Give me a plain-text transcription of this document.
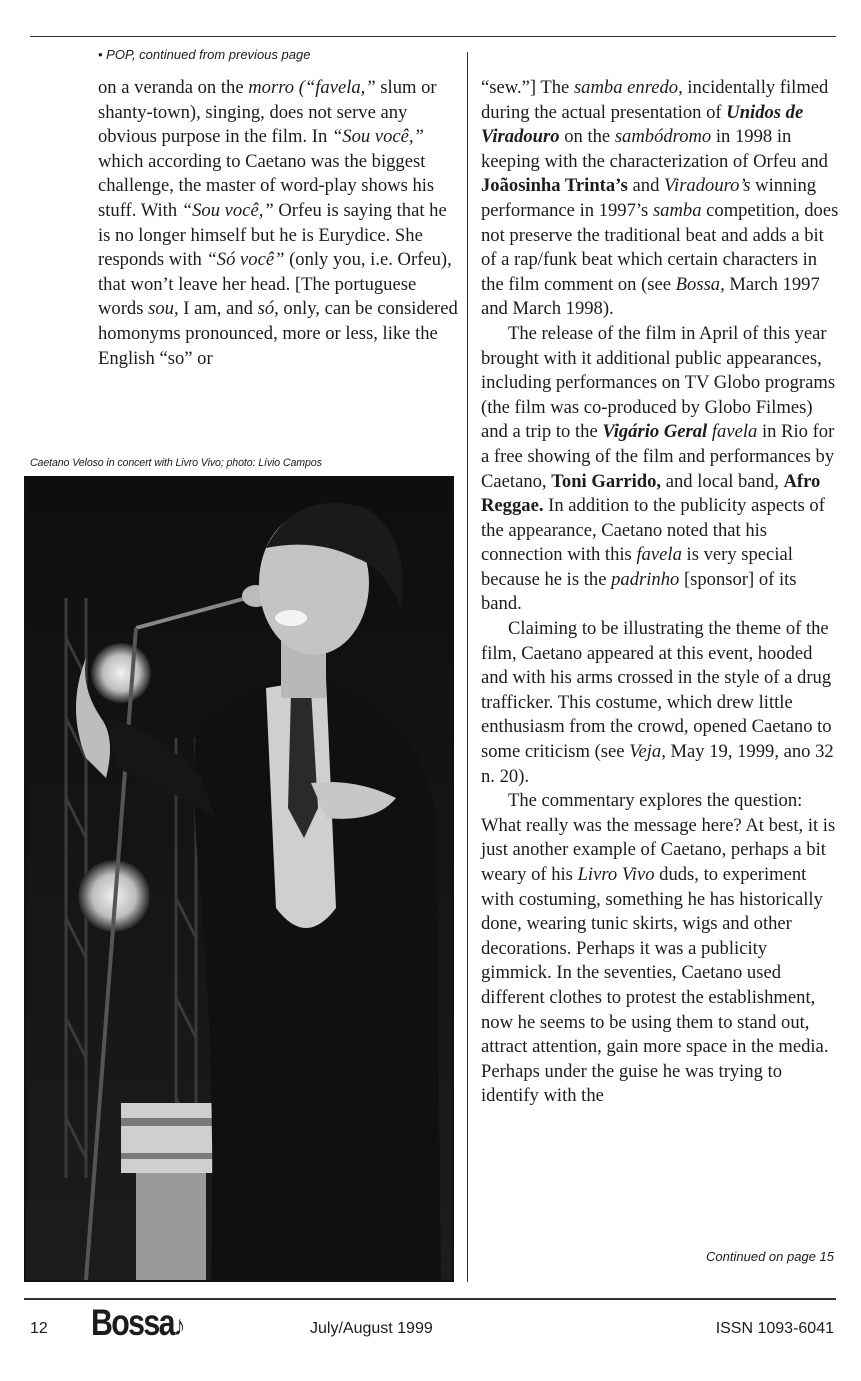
• POP, continued from previous page
on a veranda on the morro (“favela,” slum or shanty-town), singing, does not serve any obvious purpose in the film. In “Sou você,” which according to Caetano was the biggest challenge, the master of word-play shows his stuff. With “Sou você,” Orfeu is saying that he is no longer himself but he is Eurydice. She responds with “Só você” (only you, i.e. Orfeu), that won’t leave her head. [The portuguese words sou, I am, and só, only, can be considered homonyms pronounced, more or less, like the English “so” or
Caetano Veloso in concert with Livro Vivo; photo: Lívio Campos

“sew.”] The samba enredo, incidentally filmed during the actual presentation of Unidos de Viradouro on the sambódromo in 1998 in keeping with the characterization of Orfeu and Joãosinha Trinta’s and Viradouro’s winning performance in 1997’s samba competition, does not preserve the traditional beat and adds a bit of a rap/funk beat which certain characters in the film comment on (see Bossa, March 1997 and March 1998).

The release of the film in April of this year brought with it additional public appearances, including performances on TV Globo programs (the film was co-produced by Globo Filmes) and a trip to the Vigário Geral favela in Rio for a free showing of the film and performances by Caetano, Toni Garrido, and local band, Afro Reggae. In addition to the publicity aspects of the appearance, Caetano noted that his connection with this favela is very special because he is the padrinho [sponsor] of its band.

Claiming to be illustrating the theme of the film, Caetano appeared at this event, hooded and with his arms crossed in the style of a drug trafficker. This costume, which drew little enthusiasm from the crowd, opened Caetano to some criticism (see Veja, May 19, 1999, ano 32 n. 20).

The commentary explores the question: What really was the message here? At best, it is just another example of Caetano, perhaps a bit weary of his Livro Vivo duds, to experiment with costuming, something he has historically done, wearing tunic skirts, wigs and other decorations. Perhaps it was a publicity gimmick. In the seventies, Caetano used different clothes to protest the establishment, now he seems to be using them to stand out, attract attention, gain more space in the media. Perhaps under the guise he was trying to identify with the

Continued on page 15
12 Bossa♪	July/August 1999	ISSN 1093-6041
